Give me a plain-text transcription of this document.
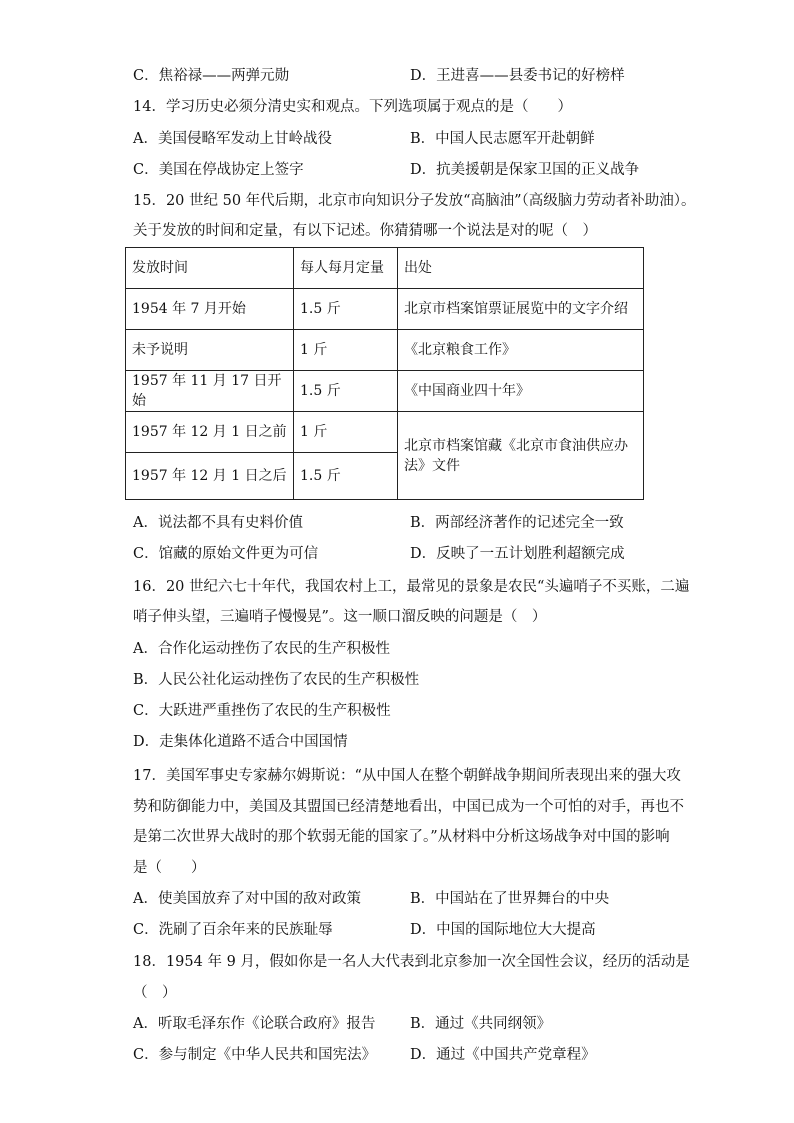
C．焦裕禄——两弹元勋	D．王进喜——县委书记的好榜样
14．学习历史必须分清史实和观点。下列选项属于观点的是（　　）
A．美国侵略军发动上甘岭战役	B．中国人民志愿军开赴朝鲜
C．美国在停战协定上签字	D．抗美援朝是保家卫国的正义战争
15．20 世纪 50 年代后期，北京市向知识分子发放“高脑油”（高级脑力劳动者补助油）。
关于发放的时间和定量，有以下记述。你猜猜哪一个说法是对的呢（　）
发放时间	每人每月定量	出处
1954 年 7 月开始	1.5 斤	北京市档案馆票证展览中的文字介绍
未予说明	1 斤	《北京粮食工作》
1957 年 11 月 17 日开始	1.5 斤	《中国商业四十年》
1957 年 12 月 1 日之前	1 斤	北京市档案馆藏《北京市食油供应办法》文件
1957 年 12 月 1 日之后	1.5 斤	
A．说法都不具有史料价值	B．两部经济著作的记述完全一致
C．馆藏的原始文件更为可信	D．反映了一五计划胜利超额完成
16．20 世纪六七十年代，我国农村上工，最常见的景象是农民“头遍哨子不买账，二遍
哨子伸头望，三遍哨子慢慢晃”。这一顺口溜反映的问题是（　）
A．合作化运动挫伤了农民的生产积极性
B．人民公社化运动挫伤了农民的生产积极性
C．大跃进严重挫伤了农民的生产积极性
D．走集体化道路不适合中国国情
17．美国军事史专家赫尔姆斯说：“从中国人在整个朝鲜战争期间所表现出来的强大攻
势和防御能力中，美国及其盟国已经清楚地看出，中国已成为一个可怕的对手，再也不
是第二次世界大战时的那个软弱无能的国家了。”从材料中分析这场战争对中国的影响
是（　　）
A．使美国放弃了对中国的敌对政策	B．中国站在了世界舞台的中央
C．洗刷了百余年来的民族耻辱	D．中国的国际地位大大提高
18．1954 年 9 月，假如你是一名人大代表到北京参加一次全国性会议，经历的活动是
（　）
A．听取毛泽东作《论联合政府》报告 B．通过《共同纲领》
C．参与制定《中华人民共和国宪法》 D．通过《中国共产党章程》
